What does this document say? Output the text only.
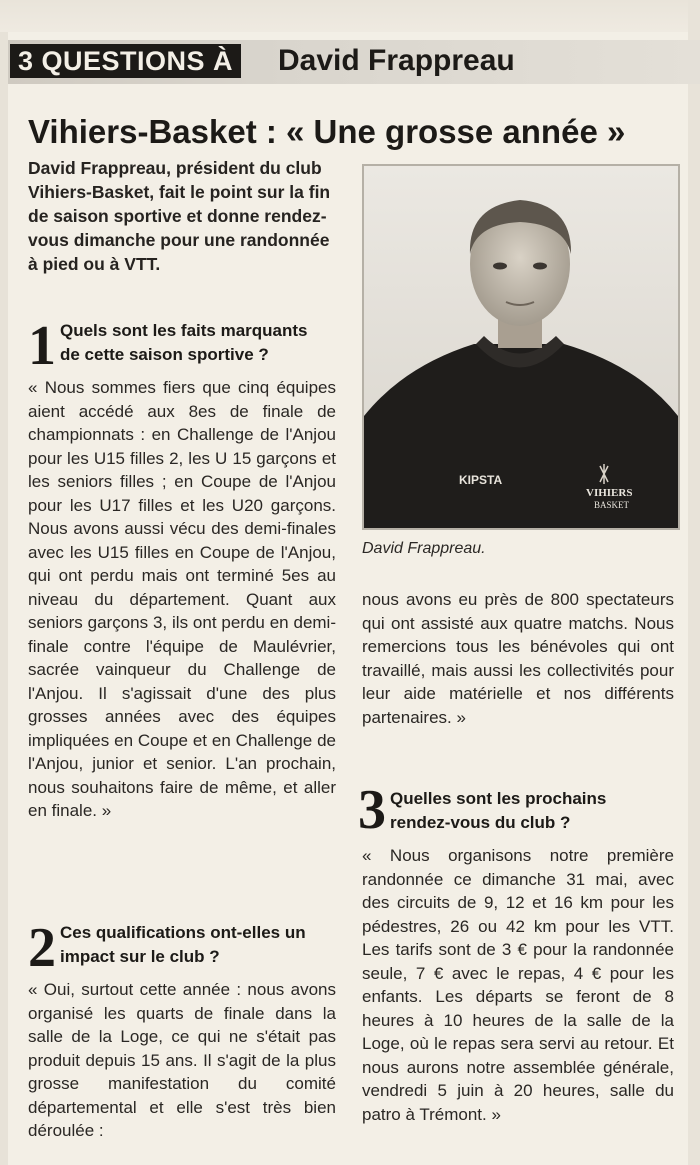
3 QUESTIONS À David Frappreau
Vihiers-Basket : « Une grosse année »
David Frappreau, président du club Vihiers-Basket, fait le point sur la fin de saison sportive et donne rendez-vous dimanche pour une randonnée à pied ou à VTT.
KIPSTA
VIHIERS
BASKET
David Frappreau.
1 Quels sont les faits marquants
de cette saison sportive ?

« Nous sommes fiers que cinq équipes aient accédé aux 8es de finale de championnats : en Challenge de l'Anjou pour les U15 filles 2, les U 15 garçons et les seniors filles ; en Coupe de l'Anjou pour les U17 filles et les U20 garçons. Nous avons aussi vécu des demi-finales avec les U15 filles en Coupe de l'Anjou, qui ont perdu mais ont terminé 5es au niveau du département. Quant aux seniors garçons 3, ils ont perdu en demi-finale contre l'équipe de Maulévrier, sacrée vainqueur du Challenge de l'Anjou. Il s'agissait d'une des plus grosses années avec des équipes impliquées en Coupe et en Challenge de l'Anjou, junior et senior. L'an prochain, nous souhaitons faire de même, et aller en finale. »

2 Ces qualifications ont-elles un
impact sur le club ?

« Oui, surtout cette année : nous avons organisé les quarts de finale dans la salle de la Loge, ce qui ne s'était pas produit depuis 15 ans. Il s'agit de la plus grosse manifestation du comité départemental et elle s'est très bien déroulée :

nous avons eu près de 800 spectateurs qui ont assisté aux quatre matchs. Nous remercions tous les bénévoles qui ont travaillé, mais aussi les collectivités pour leur aide matérielle et nos différents partenaires. »

3 Quelles sont les prochains
rendez-vous du club ?

« Nous organisons notre première randonnée ce dimanche 31 mai, avec des circuits de 9, 12 et 16 km pour les pédestres, 26 ou 42 km pour les VTT. Les tarifs sont de 3 € pour la randonnée seule, 7 € avec le repas, 4 € pour les enfants. Les départs se feront de 8 heures à 10 heures de la salle de la Loge, où le repas sera servi au retour. Et nous aurons notre assemblée générale, vendredi 5 juin à 20 heures, salle du patro à Trémont. »
